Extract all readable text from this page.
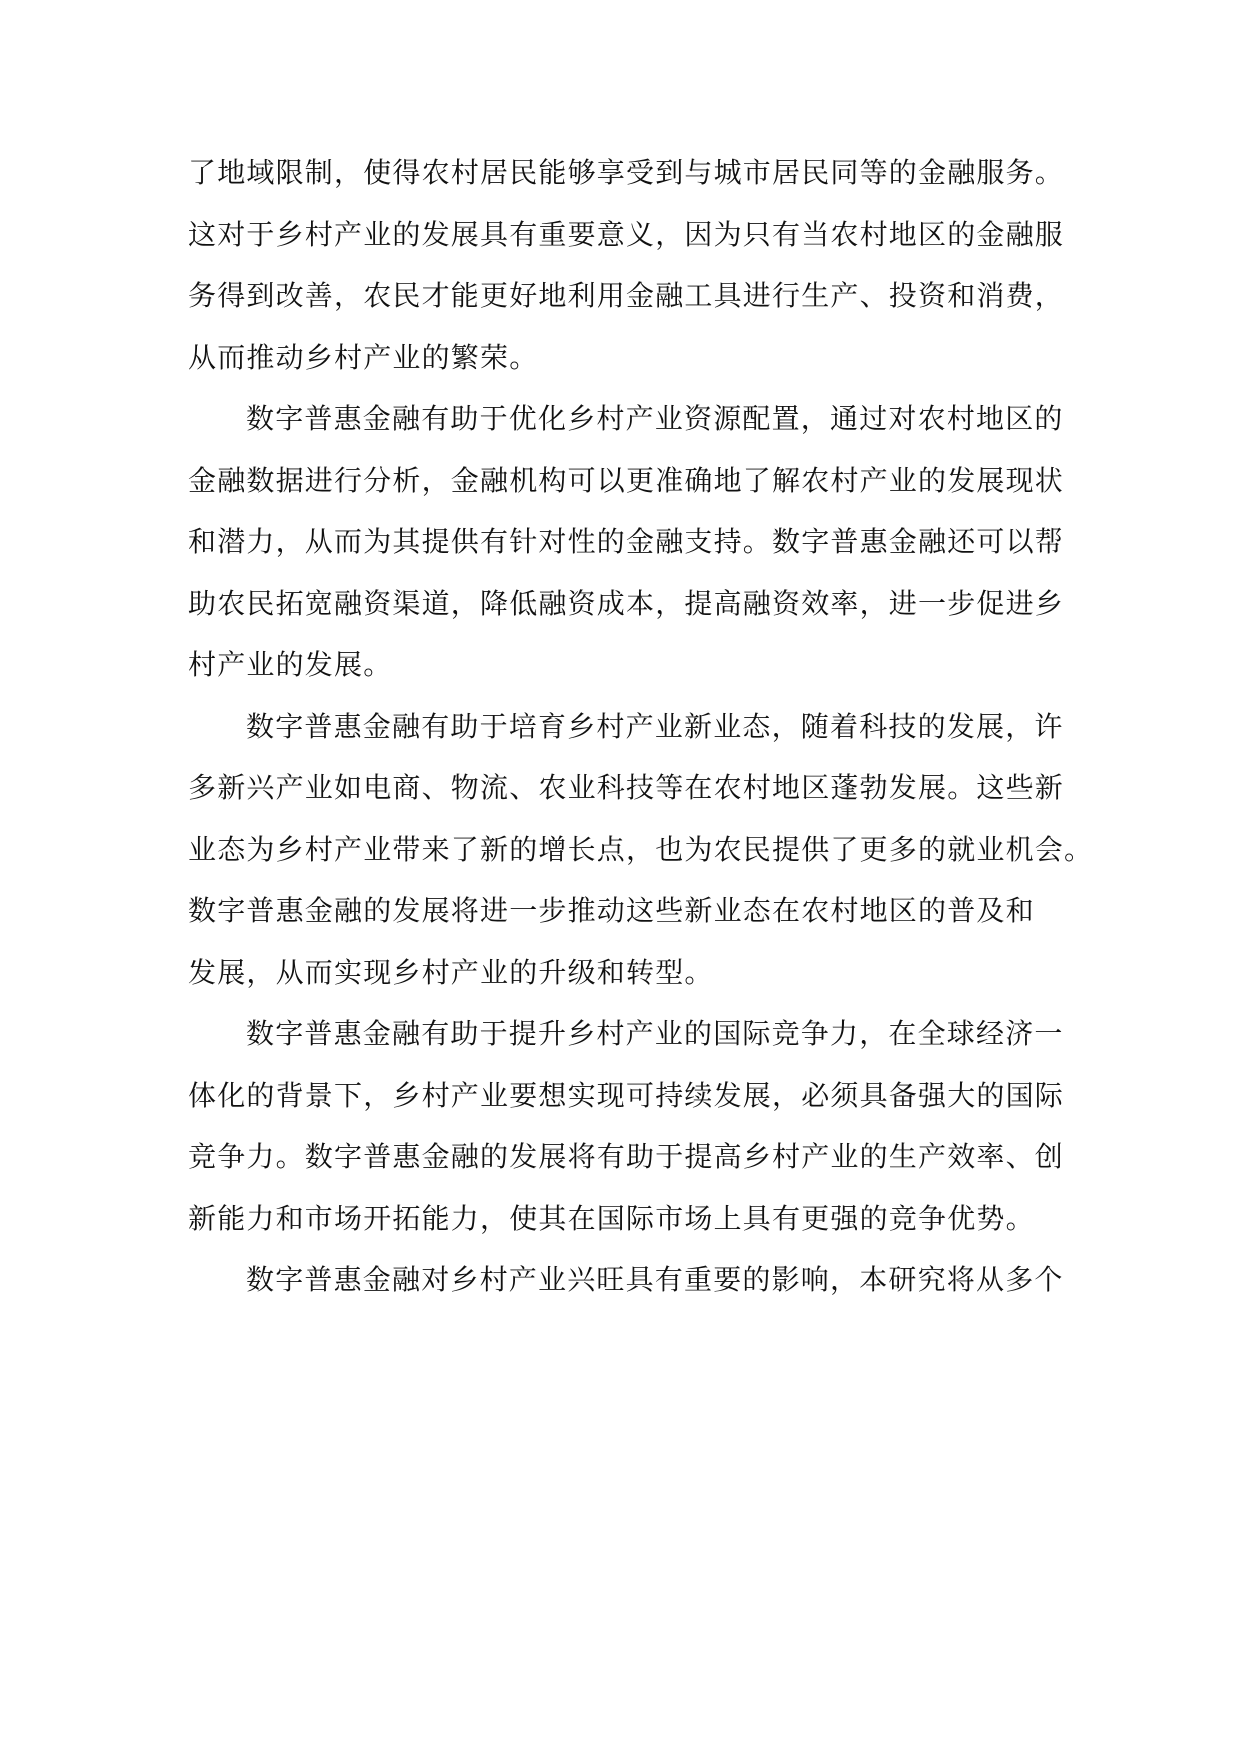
了地域限制，使得农村居民能够享受到与城市居民同等的金融服务。
这对于乡村产业的发展具有重要意义，因为只有当农村地区的金融服
务得到改善，农民才能更好地利用金融工具进行生产、投资和消费，
从而推动乡村产业的繁荣。
数字普惠金融有助于优化乡村产业资源配置，通过对农村地区的
金融数据进行分析，金融机构可以更准确地了解农村产业的发展现状
和潜力，从而为其提供有针对性的金融支持。数字普惠金融还可以帮
助农民拓宽融资渠道，降低融资成本，提高融资效率，进一步促进乡
村产业的发展。
数字普惠金融有助于培育乡村产业新业态，随着科技的发展，许
多新兴产业如电商、物流、农业科技等在农村地区蓬勃发展。这些新
业态为乡村产业带来了新的增长点，也为农民提供了更多的就业机会。
数字普惠金融的发展将进一步推动这些新业态在农村地区的普及和
发展，从而实现乡村产业的升级和转型。
数字普惠金融有助于提升乡村产业的国际竞争力，在全球经济一
体化的背景下，乡村产业要想实现可持续发展，必须具备强大的国际
竞争力。数字普惠金融的发展将有助于提高乡村产业的生产效率、创
新能力和市场开拓能力，使其在国际市场上具有更强的竞争优势。
数字普惠金融对乡村产业兴旺具有重要的影响，本研究将从多个
